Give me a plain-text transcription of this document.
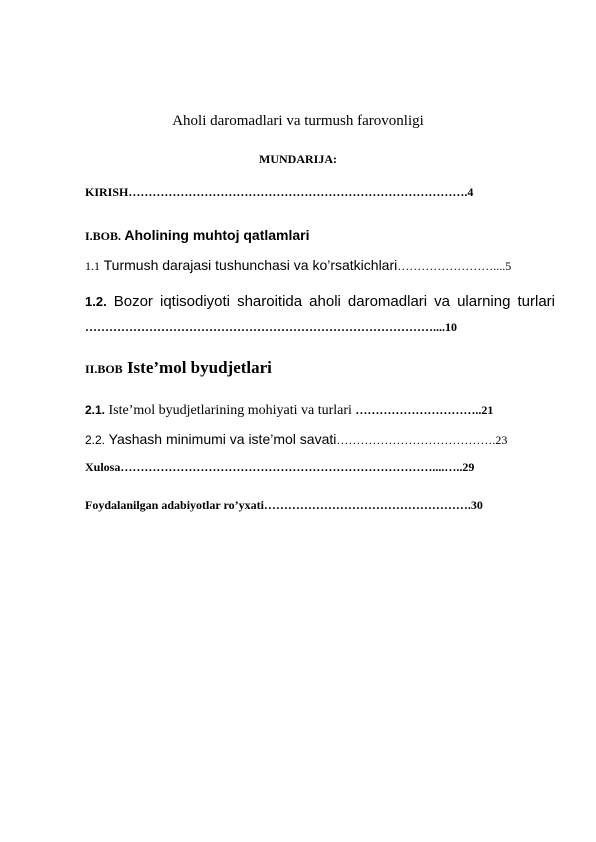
Aholi daromadlari va turmush farovonligi
MUNDARIJA:
KIRISH………………………………………………………………………….4
I.BOB. Aholining muhtoj qatlamlari
1.1 Turmush darajasi tushunchasi va ko’rsatkichlari……………………....5
1.2. Bozor iqtisodiyoti sharoitida aholi daromadlari va ularning turlari
……………………………………………………………………………....10
II.BOB Iste’mol byudjetlari
2.1. Iste’mol byudjetlarining mohiyati va turlari …………………………..21
2.2. Yashash minimumi va iste’mol savati………………………………….23
Xulosa……………………………………………………………………....…..29
Foydalanilgan adabiyotlar ro’yxati…………………………………………….30
